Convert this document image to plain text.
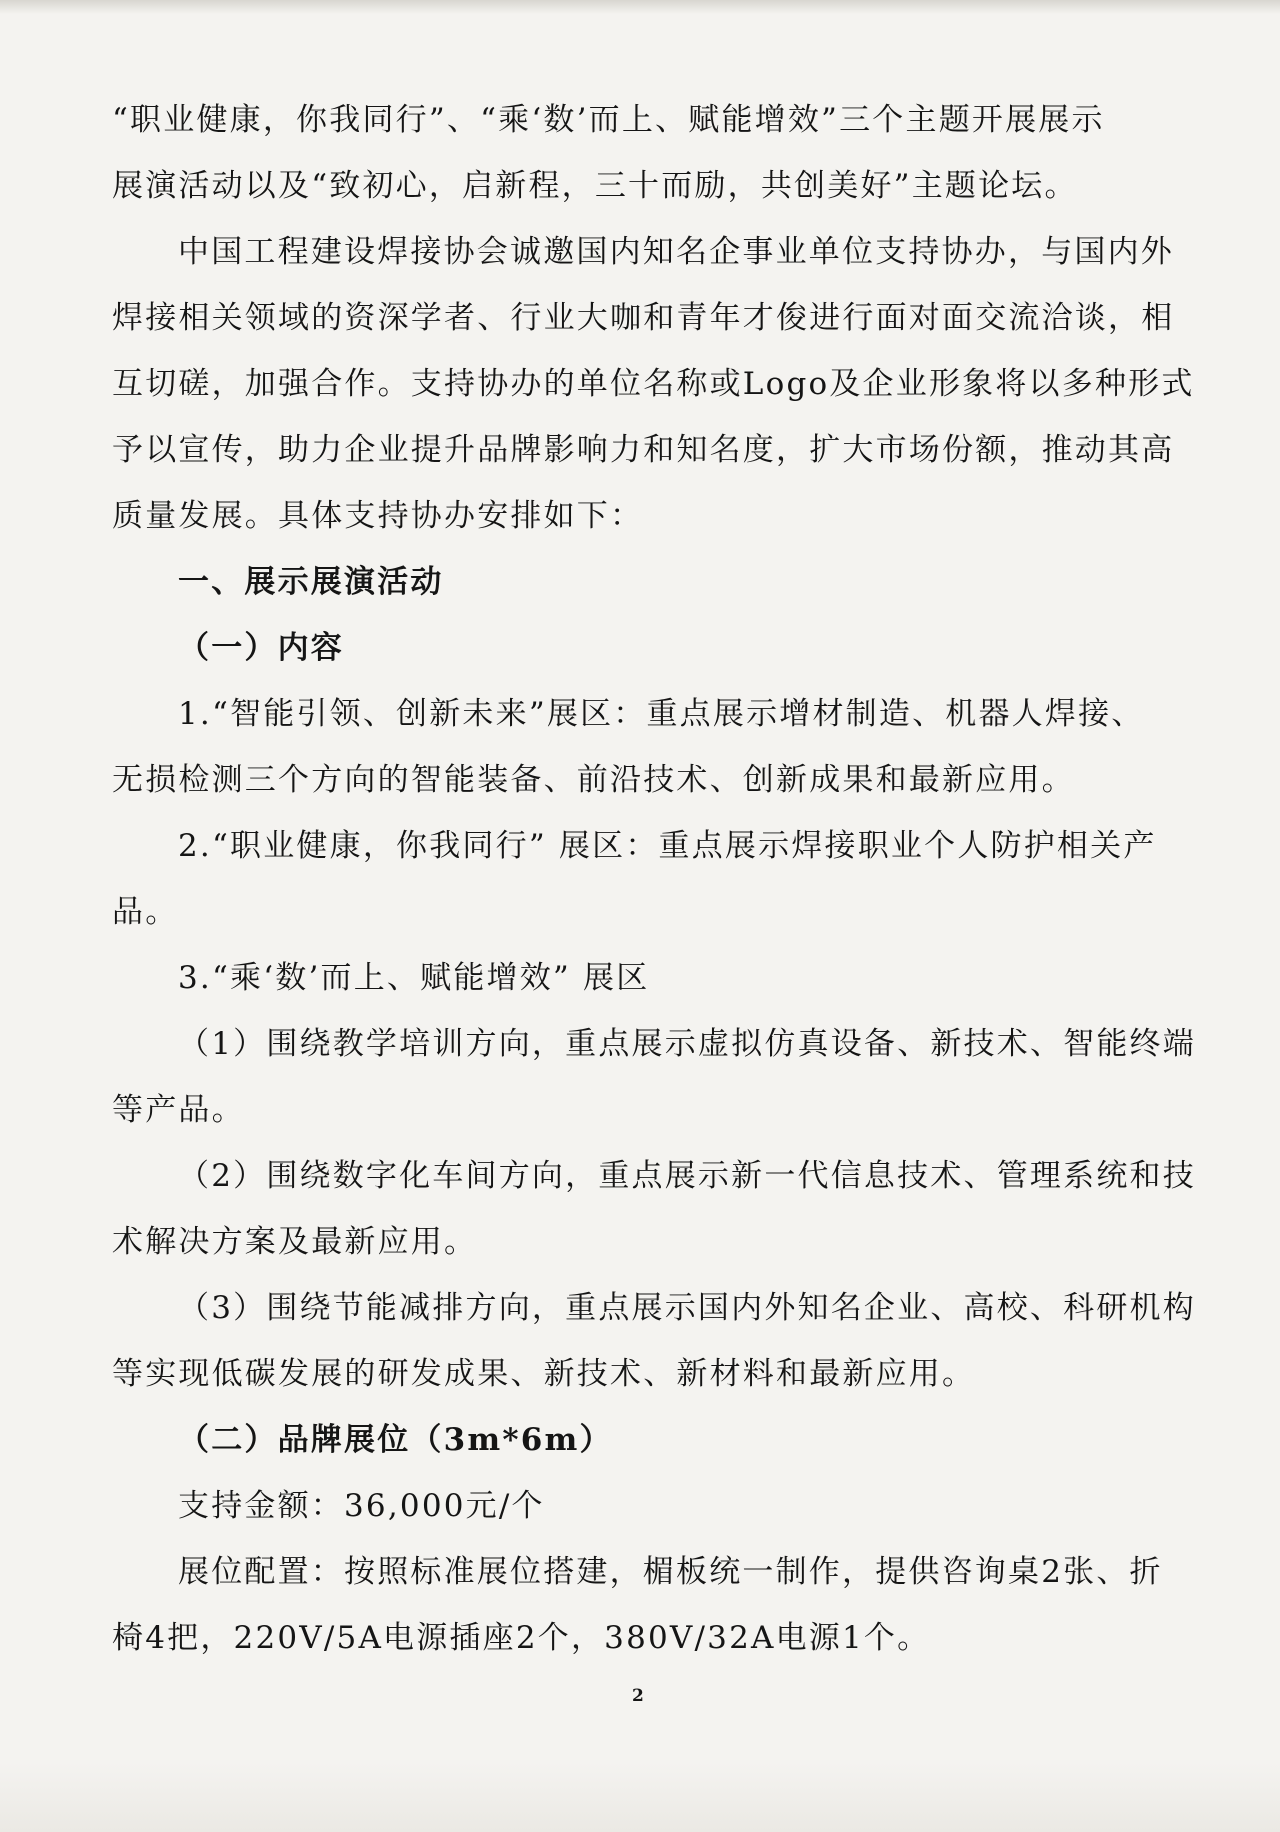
“职业健康，你我同行”、“乘‘数’而上、赋能增效”三个主题开展展示
展演活动以及“致初心，启新程，三十而励，共创美好”主题论坛。
中国工程建设焊接协会诚邀国内知名企事业单位支持协办，与国内外
焊接相关领域的资深学者、行业大咖和青年才俊进行面对面交流洽谈，相
互切磋，加强合作。支持协办的单位名称或Logo及企业形象将以多种形式
予以宣传，助力企业提升品牌影响力和知名度，扩大市场份额，推动其高
质量发展。具体支持协办安排如下：
一、展示展演活动
（一）内容
1.“智能引领、创新未来”展区：重点展示增材制造、机器人焊接、
无损检测三个方向的智能装备、前沿技术、创新成果和最新应用。
2.“职业健康，你我同行” 展区：重点展示焊接职业个人防护相关产
品。
3.“乘‘数’而上、赋能增效” 展区
（1）围绕教学培训方向，重点展示虚拟仿真设备、新技术、智能终端
等产品。
（2）围绕数字化车间方向，重点展示新一代信息技术、管理系统和技
术解决方案及最新应用。
（3）围绕节能减排方向，重点展示国内外知名企业、高校、科研机构
等实现低碳发展的研发成果、新技术、新材料和最新应用。
（二）品牌展位（3m*6m）
支持金额：36,000元/个
展位配置：按照标准展位搭建，楣板统一制作，提供咨询桌2张、折
椅4把，220V/5A电源插座2个，380V/32A电源1个。
2
